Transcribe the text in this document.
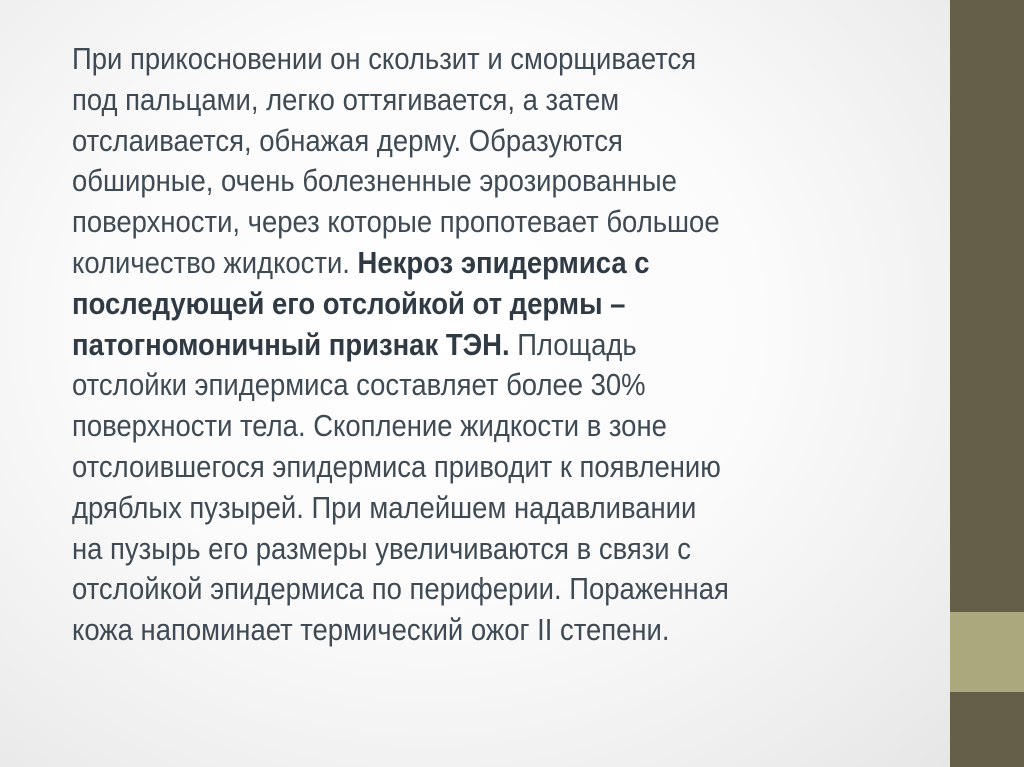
При прикосновении он скользит и сморщивается
под пальцами, легко оттягивается, а затем
отслаивается, обнажая дерму. Образуются
обширные, очень болезненные эрозированные
поверхности, через которые пропотевает большое
количество жидкости. Некроз эпидермиса с
последующей его отслойкой от дермы –
патогномоничный признак ТЭН. Площадь
отслойки эпидермиса составляет более 30%
поверхности тела. Скопление жидкости в зоне
отслоившегося эпидермиса приводит к появлению
дряблых пузырей. При малейшем надавливании
на пузырь его размеры увеличиваются в связи с
отслойкой эпидермиса по периферии. Пораженная
кожа напоминает термический ожог II степени.
